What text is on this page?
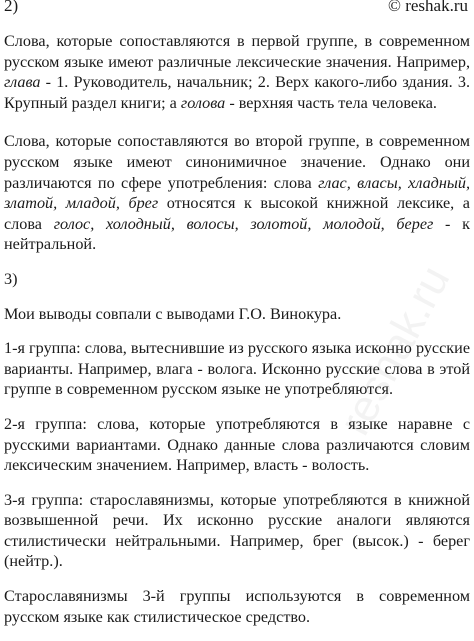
2)	© reshak.ru

Слова, которые сопоставляются в первой группе, в современном русском языке имеют различные лексические значения. Например, глава - 1. Руководитель, начальник; 2. Верх какого-либо здания. 3. Крупный раздел книги; а голова - верхняя часть тела человека.

Слова, которые сопоставляются во второй группе, в современном русском языке имеют синонимичное значение. Однако они различаются по сфере употребления: слова глас, власы, хладный, златой, младой, брег относятся к высокой книжной лексике, а слова голос, холодный, волосы, золотой, молодой, берег - к нейтральной.

3)

Мои выводы совпали с выводами Г.О. Винокура.

1-я группа: слова, вытеснившие из русского языка исконно русские варианты. Например, влага - волога. Исконно русские слова в этой группе в современном русском языке не употребляются.

2-я группа: слова, которые употребляются в языке наравне с русскими вариантами. Однако данные слова различаются словим лексическим значением. Например, власть - волость.

3-я группа: старославянизмы, которые употребляются в книжной возвышенной речи. Их исконно русские аналоги являются стилистически нейтральными. Например, брег (высок.) - берег (нейтр.).

Старославянизмы 3-й группы используются в современном русском языке как стилистическое средство.

reshak.ru
